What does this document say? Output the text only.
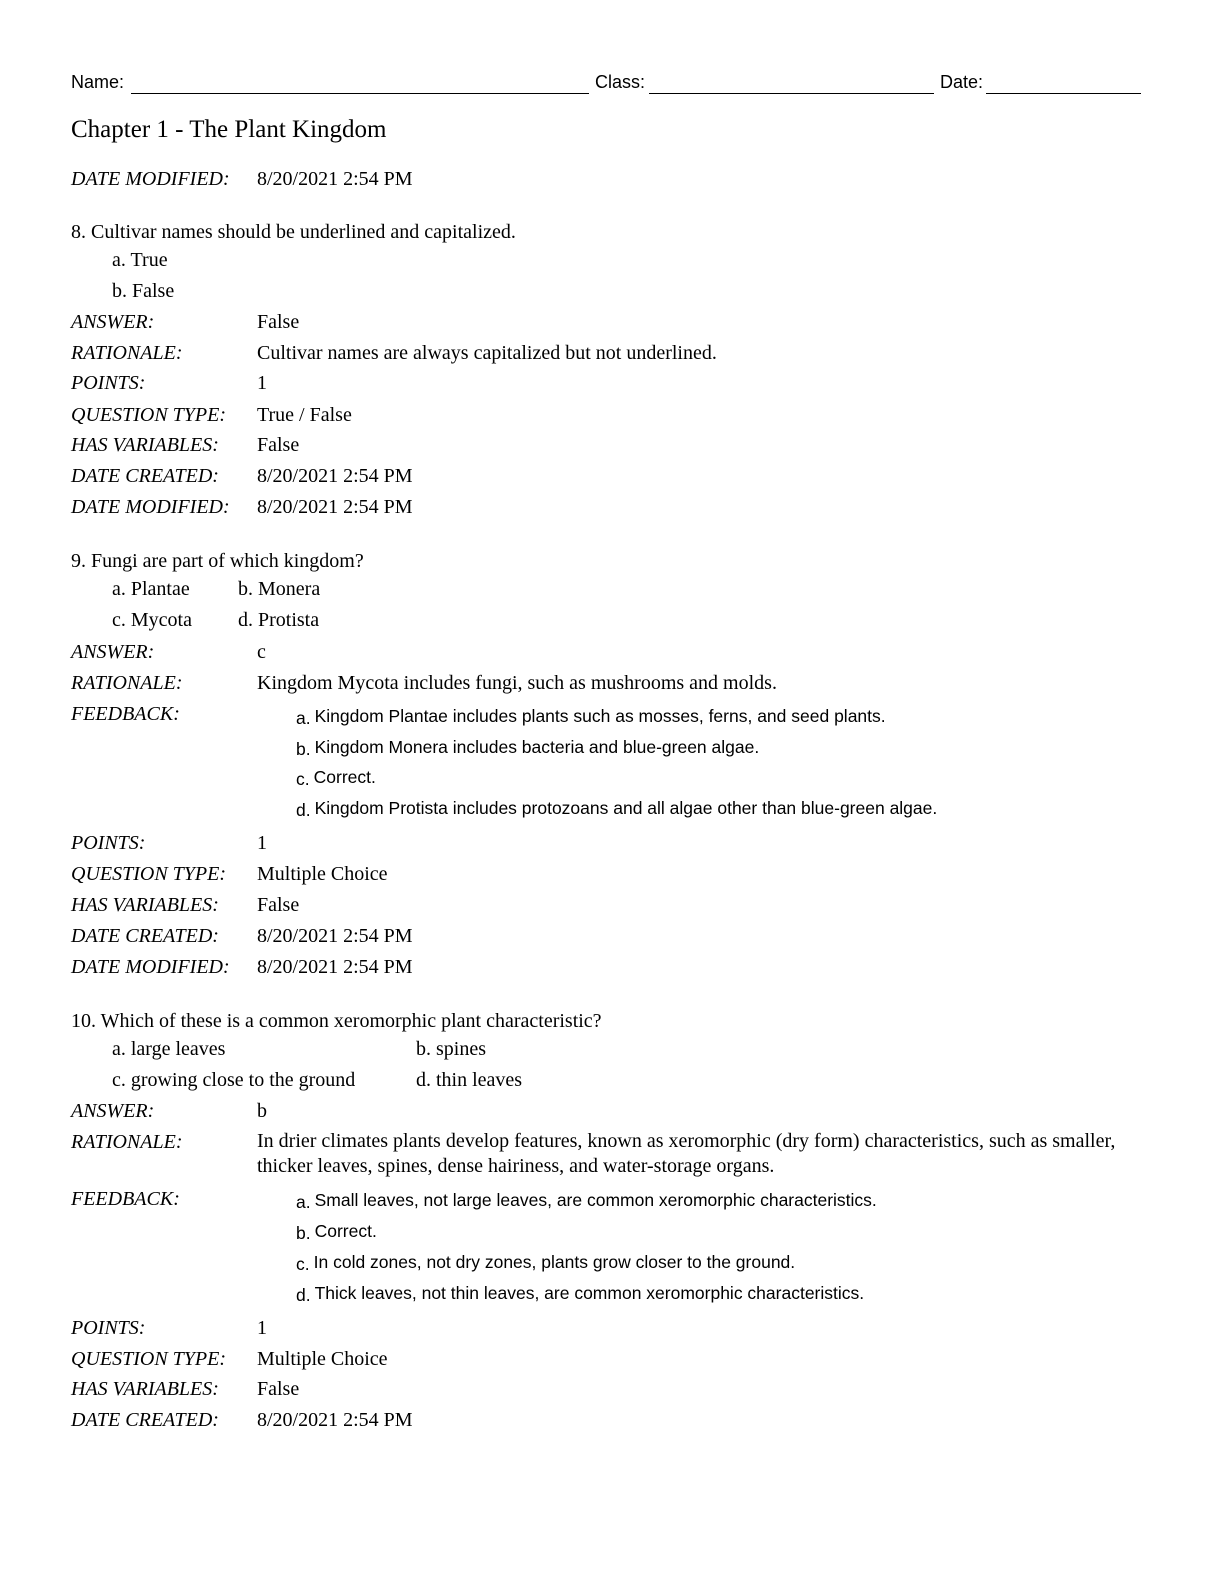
Name:	Class:	Date:
Chapter 1 - The Plant Kingdom
DATE MODIFIED: 8/20/2021 2:54 PM
8. Cultivar names should be underlined and capitalized.
a. True
b. False
ANSWER:	False
RATIONALE:	Cultivar names are always capitalized but not underlined.
POINTS:	1
QUESTION TYPE: True / False
HAS VARIABLES: False
DATE CREATED: 8/20/2021 2:54 PM
DATE MODIFIED: 8/20/2021 2:54 PM
9. Fungi are part of which kingdom?
a. Plantae b. Monera
c. Mycota d. Protista
ANSWER:	c
RATIONALE:	Kingdom Mycota includes fungi, such as mushrooms and molds.
FEEDBACK:	a. Kingdom Plantae includes plants such as mosses, ferns, and seed plants.
b. Kingdom Monera includes bacteria and blue-green algae.
c. Correct.
d. Kingdom Protista includes protozoans and all algae other than blue-green algae.
POINTS:	1
QUESTION TYPE: Multiple Choice
HAS VARIABLES: False
DATE CREATED: 8/20/2021 2:54 PM
DATE MODIFIED: 8/20/2021 2:54 PM
10. Which of these is a common xeromorphic plant characteristic?
a. large leaves	b. spines
c. growing close to the ground	d. thin leaves
ANSWER:	b
RATIONALE:	In drier climates plants develop features, known as xeromorphic (dry form) characteristics, such as smaller, thicker leaves, spines, dense hairiness, and water-storage organs.
FEEDBACK:	a. Small leaves, not large leaves, are common xeromorphic characteristics.
b. Correct.
c. In cold zones, not dry zones, plants grow closer to the ground.
d. Thick leaves, not thin leaves, are common xeromorphic characteristics.
POINTS:	1
QUESTION TYPE: Multiple Choice
HAS VARIABLES: False
DATE CREATED: 8/20/2021 2:54 PM
